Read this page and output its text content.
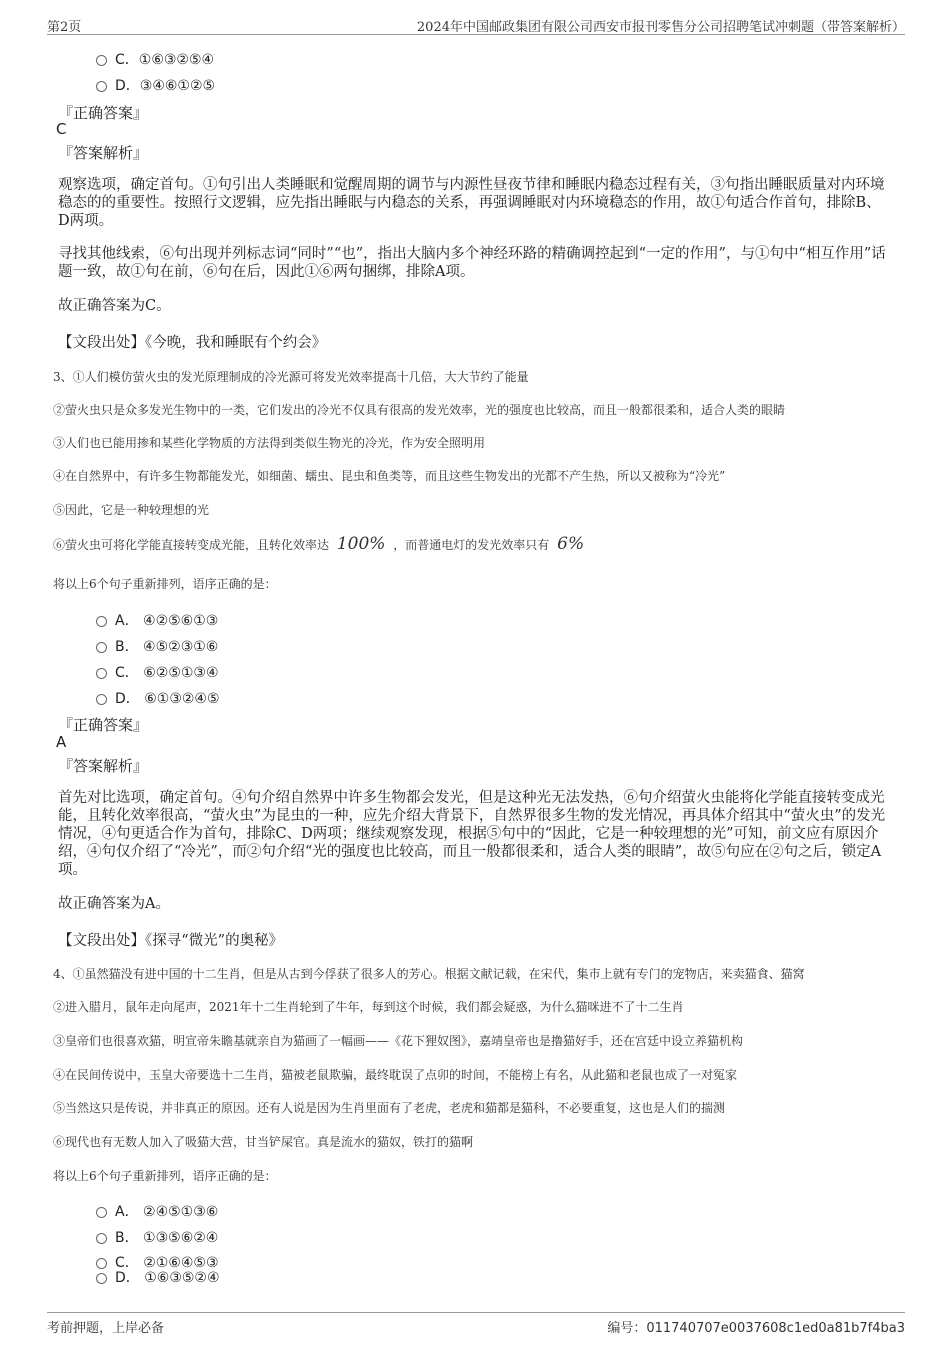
第2页	2024年中国邮政集团有限公司西安市报刊零售分公司招聘笔试冲刺题（带答案解析）
C．①⑥③②⑤④
D．③④⑥①②⑤
『正确答案』
C
『答案解析』
观察选项，确定首句。①句引出人类睡眠和觉醒周期的调节与内源性昼夜节律和睡眠内稳态过程有关，③句指出睡眠质量对内环境稳态的的重要性。按照行文逻辑，应先指出睡眠与内稳态的关系，再强调睡眠对内环境稳态的作用，故①句适合作首句，排除B、D两项。
寻找其他线索，⑥句出现并列标志词“同时”“也”，指出大脑内多个神经环路的精确调控起到“一定的作用”，与①句中“相互作用”话题一致，故①句在前，⑥句在后，因此①⑥两句捆绑，排除A项。
故正确答案为C。
【文段出处】《今晚，我和睡眠有个约会》
3、①人们模仿萤火虫的发光原理制成的冷光源可将发光效率提高十几倍，大大节约了能量
②萤火虫只是众多发光生物中的一类，它们发出的冷光不仅具有很高的发光效率，光的强度也比较高，而且一般都很柔和，适合人类的眼睛
③人们也已能用掺和某些化学物质的方法得到类似生物光的冷光，作为安全照明用
④在自然界中，有许多生物都能发光，如细菌、蠕虫、昆虫和鱼类等，而且这些生物发出的光都不产生热，所以又被称为“冷光”
⑤因此，它是一种较理想的光
⑥萤火虫可将化学能直接转变成光能，且转化效率达 100% ，而普通电灯的发光效率只有 6%
将以上6个句子重新排列，语序正确的是：
A． ④②⑤⑥①③
B． ④⑤②③①⑥
C． ⑥②⑤①③④
D． ⑥①③②④⑤
『正确答案』
A
『答案解析』
首先对比选项，确定首句。④句介绍自然界中许多生物都会发光，但是这种光无法发热，⑥句介绍萤火虫能将化学能直接转变成光能，且转化效率很高，“萤火虫”为昆虫的一种，应先介绍大背景下，自然界很多生物的发光情况，再具体介绍其中“萤火虫”的发光情况，④句更适合作为首句，排除C、D两项；继续观察发现，根据⑤句中的“因此，它是一种较理想的光”可知，前文应有原因介绍，④句仅介绍了“冷光”，而②句介绍“光的强度也比较高，而且一般都很柔和，适合人类的眼睛”，故⑤句应在②句之后，锁定A项。
故正确答案为A。
【文段出处】《探寻“微光”的奥秘》
4、①虽然猫没有进中国的十二生肖，但是从古到今俘获了很多人的芳心。根据文献记载，在宋代，集市上就有专门的宠物店，来卖猫食、猫窝
②进入腊月，鼠年走向尾声，2021年十二生肖轮到了牛年，每到这个时候，我们都会疑惑，为什么猫咪进不了十二生肖
③皇帝们也很喜欢猫，明宣帝朱瞻基就亲自为猫画了一幅画——《花下狸奴图》，嘉靖皇帝也是撸猫好手，还在宫廷中设立养猫机构
④在民间传说中，玉皇大帝要选十二生肖，猫被老鼠欺骗，最终耽误了点卯的时间，不能榜上有名，从此猫和老鼠也成了一对冤家
⑤当然这只是传说，并非真正的原因。还有人说是因为生肖里面有了老虎，老虎和猫都是猫科，不必要重复，这也是人们的揣测
⑥现代也有无数人加入了吸猫大营，甘当铲屎官。真是流水的猫奴，铁打的猫啊
将以上6个句子重新排列，语序正确的是：
A． ②④⑤①③⑥
B． ①③⑤⑥②④
C． ②①⑥④⑤③
D． ①⑥③⑤②④
考前押题，上岸必备	编号：011740707e0037608c1ed0a81b7f4ba3
